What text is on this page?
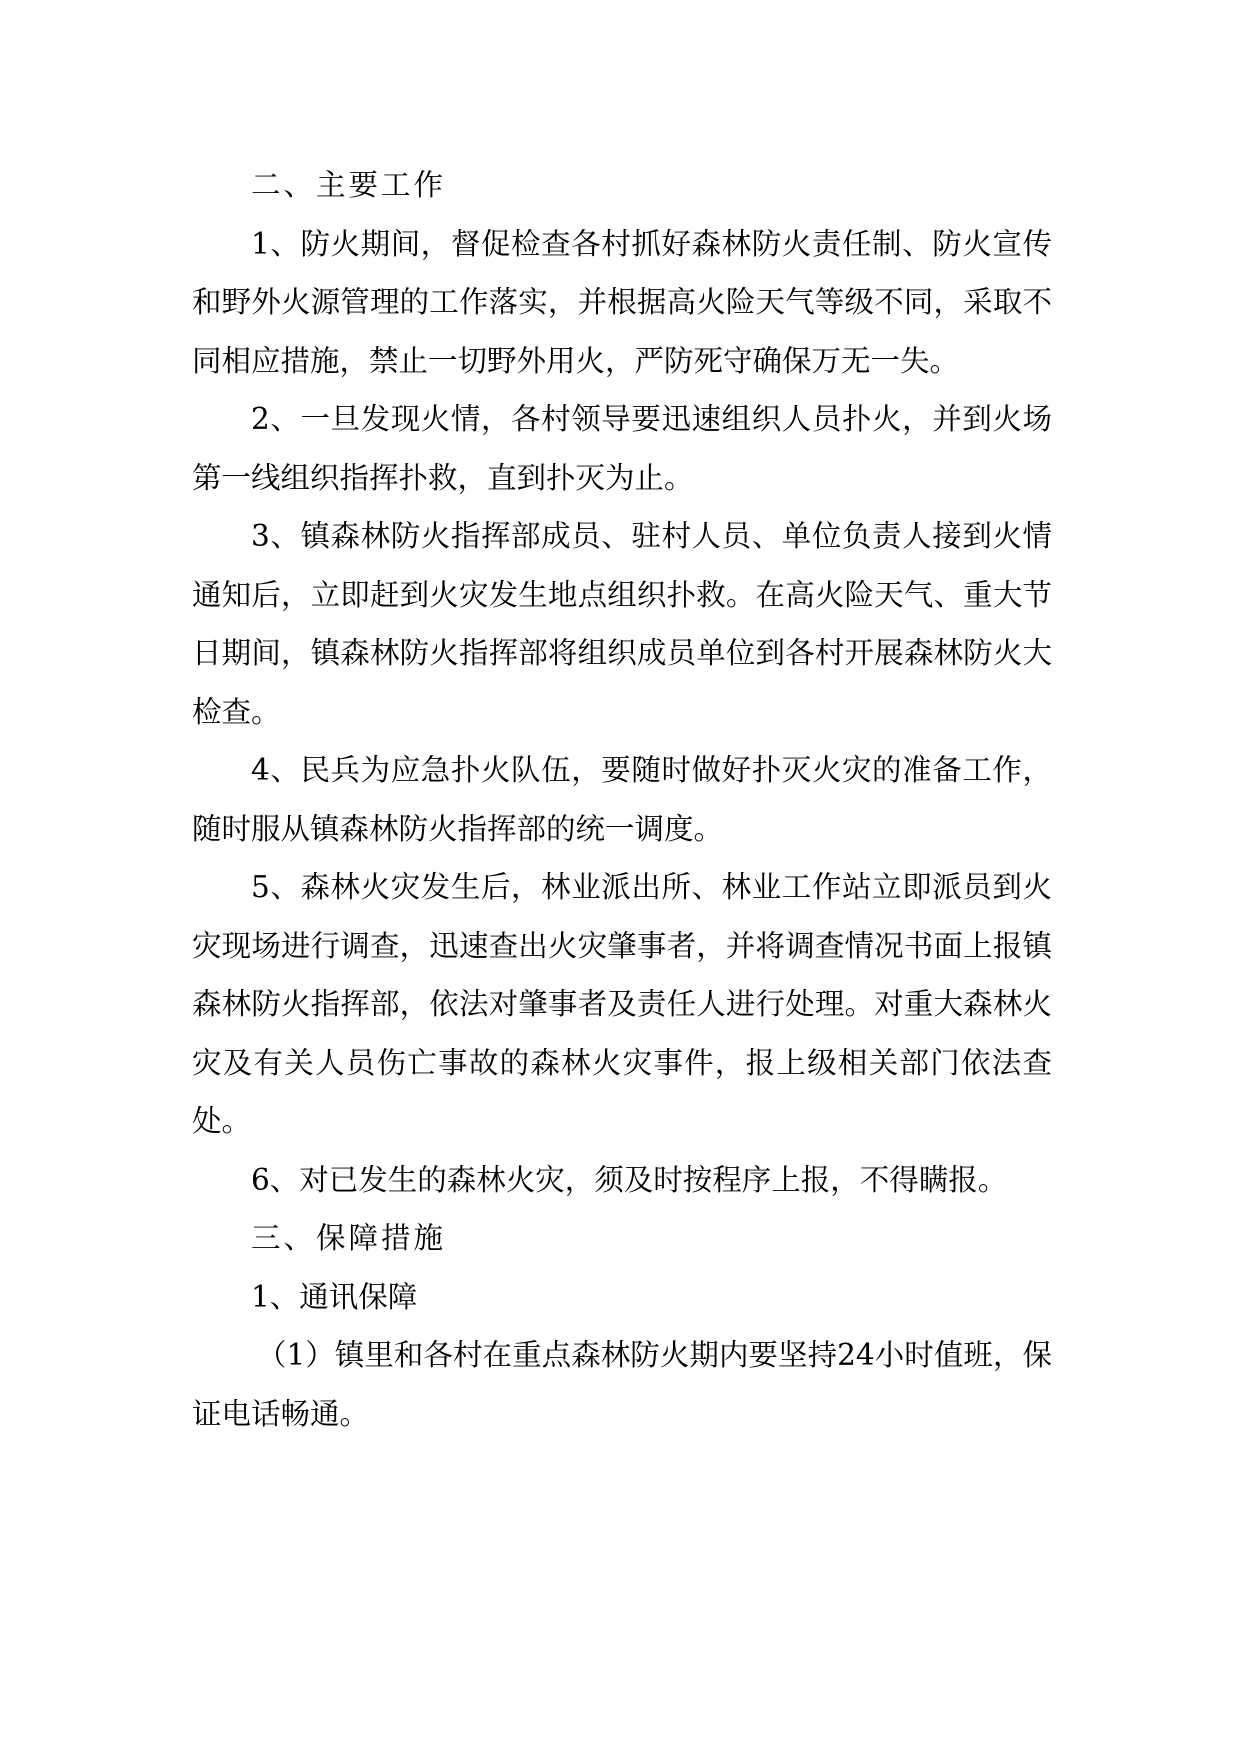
二、主要工作

1、防火期间，督促检查各村抓好森林防火责任制、防火宣传和野外火源管理的工作落实，并根据高火险天气等级不同，采取不同相应措施，禁止一切野外用火，严防死守确保万无一失。

2、一旦发现火情，各村领导要迅速组织人员扑火，并到火场第一线组织指挥扑救，直到扑灭为止。

3、镇森林防火指挥部成员、驻村人员、单位负责人接到火情通知后，立即赶到火灾发生地点组织扑救。在高火险天气、重大节日期间，镇森林防火指挥部将组织成员单位到各村开展森林防火大检查。

4、民兵为应急扑火队伍，要随时做好扑灭火灾的准备工作，随时服从镇森林防火指挥部的统一调度。

5、森林火灾发生后，林业派出所、林业工作站立即派员到火灾现场进行调查，迅速查出火灾肇事者，并将调查情况书面上报镇森林防火指挥部，依法对肇事者及责任人进行处理。对重大森林火灾及有关人员伤亡事故的森林火灾事件，报上级相关部门依法查处。

6、对已发生的森林火灾，须及时按程序上报，不得瞒报。

三、保障措施

1、通讯保障

（1）镇里和各村在重点森林防火期内要坚持24小时值班，保证电话畅通。
